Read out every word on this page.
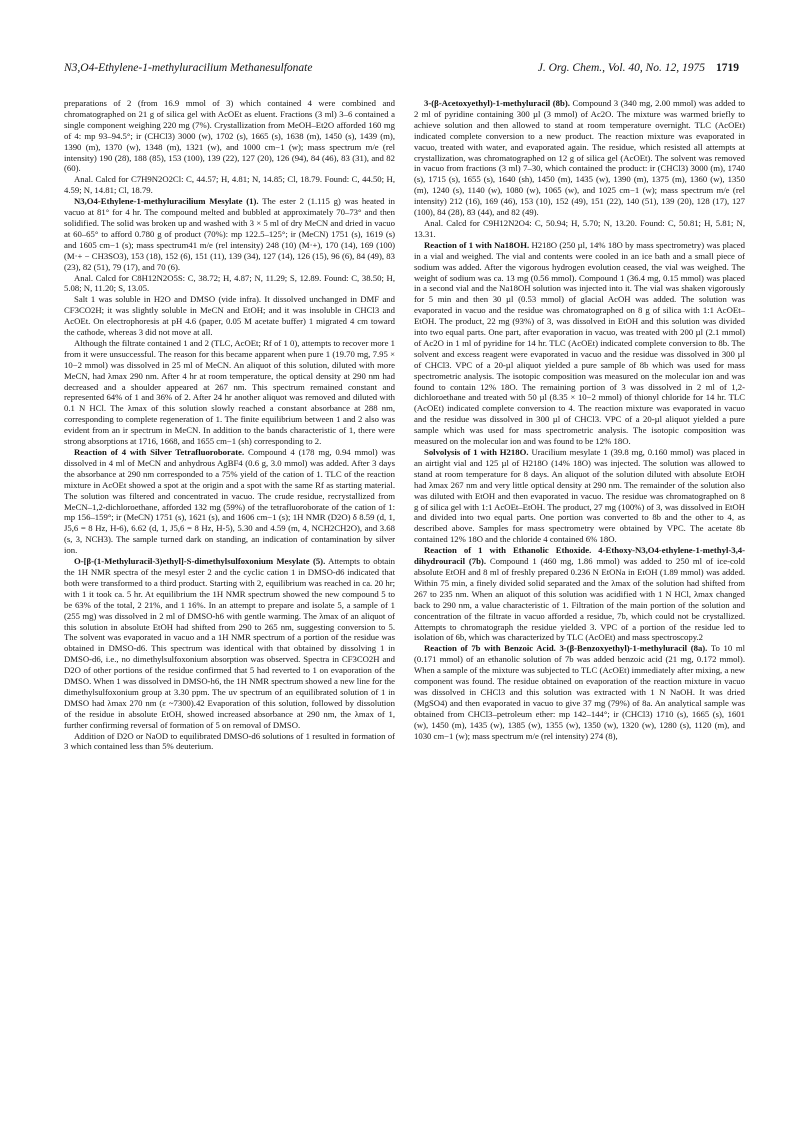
N3,O4-Ethylene-1-methyluracilium Methanesulfonate	J. Org. Chem., Vol. 40, No. 12, 1975 1719

preparations of 2 (from 16.9 mmol of 3) which contained 4 were combined and chromatographed on 21 g of silica gel with AcOEt as eluent. Fractions (3 ml) 3–6 contained a single component weighing 220 mg (7%). Crystallization from MeOH–Et2O afforded 160 mg of 4: mp 93–94.5°; ir (CHCl3) 3000 (w), 1702 (s), 1665 (s), 1638 (m), 1450 (s), 1439 (m), 1390 (m), 1370 (w), 1348 (m), 1321 (w), and 1000 cm−1 (w); mass spectrum m/e (rel intensity) 190 (28), 188 (85), 153 (100), 139 (22), 127 (20), 126 (94), 84 (46), 83 (31), and 82 (60).

Anal. Calcd for C7H9N2O2Cl: C, 44.57; H, 4.81; N, 14.85; Cl, 18.79. Found: C, 44.50; H, 4.59; N, 14.81; Cl, 18.79.

N3,O4-Ethylene-1-methyluracilium Mesylate (1). The ester 2 (1.115 g) was heated in vacuo at 81° for 4 hr. The compound melted and bubbled at approximately 70–73° and then solidified. The solid was broken up and washed with 3 × 5 ml of dry MeCN and dried in vacuo at 60–65° to afford 0.780 g of product (70%): mp 122.5–125°; ir (MeCN) 1751 (s), 1619 (s) and 1605 cm−1 (s); mass spectrum41 m/e (rel intensity) 248 (10) (M·+), 170 (14), 169 (100) (M·+ − CH3SO3), 153 (18), 152 (6), 151 (11), 139 (34), 127 (14), 126 (15), 96 (6), 84 (49), 83 (23), 82 (51), 79 (17), and 70 (6).

Anal. Calcd for C8H12N2O5S: C, 38.72; H, 4.87; N, 11.29; S, 12.89. Found: C, 38.50; H, 5.08; N, 11.20; S, 13.05.

Salt 1 was soluble in H2O and DMSO (vide infra). It dissolved unchanged in DMF and CF3CO2H; it was slightly soluble in MeCN and EtOH; and it was insoluble in CHCl3 and AcOEt. On electrophoresis at pH 4.6 (paper, 0.05 M acetate buffer) 1 migrated 4 cm toward the cathode, whereas 3 did not move at all.

Although the filtrate contained 1 and 2 (TLC, AcOEt; Rf of 1 0), attempts to recover more 1 from it were unsuccessful. The reason for this became apparent when pure 1 (19.70 mg, 7.95 × 10−2 mmol) was dissolved in 25 ml of MeCN. An aliquot of this solution, diluted with more MeCN, had λmax 290 nm. After 4 hr at room temperature, the optical density at 290 nm had decreased and a shoulder appeared at 267 nm. This spectrum remained constant and represented 64% of 1 and 36% of 2. After 24 hr another aliquot was removed and diluted with 0.1 N HCl. The λmax of this solution slowly reached a constant absorbance at 288 nm, corresponding to complete regeneration of 1. The finite equilibrium between 1 and 2 also was evident from an ir spectrum in MeCN. In addition to the bands characteristic of 1, there were strong absorptions at 1716, 1668, and 1655 cm−1 (sh) corresponding to 2.

Reaction of 4 with Silver Tetrafluoroborate. Compound 4 (178 mg, 0.94 mmol) was dissolved in 4 ml of MeCN and anhydrous AgBF4 (0.6 g, 3.0 mmol) was added. After 3 days the absorbance at 290 nm corresponded to a 75% yield of the cation of 1. TLC of the reaction mixture in AcOEt showed a spot at the origin and a spot with the same Rf as starting material. The solution was filtered and concentrated in vacuo. The crude residue, recrystallized from MeCN–1,2-dichloroethane, afforded 132 mg (59%) of the tetrafluoroborate of the cation of 1: mp 156–159°; ir (MeCN) 1751 (s), 1621 (s), and 1606 cm−1 (s); 1H NMR (D2O) δ 8.59 (d, 1, J5,6 = 8 Hz, H-6), 6.62 (d, 1, J5,6 = 8 Hz, H-5), 5.30 and 4.59 (m, 4, NCH2CH2O), and 3.68 (s, 3, NCH3). The sample turned dark on standing, an indication of contamination by silver ion.

O-[β-(1-Methyluracil-3)ethyl]-S-dimethylsulfoxonium Mesylate (5). Attempts to obtain the 1H NMR spectra of the mesyl ester 2 and the cyclic cation 1 in DMSO-d6 indicated that both were transformed to a third product. Starting with 2, equilibrium was reached in ca. 20 hr; with 1 it took ca. 5 hr. At equilibrium the 1H NMR spectrum showed the new compound 5 to be 63% of the total, 2 21%, and 1 16%. In an attempt to prepare and isolate 5, a sample of 1 (255 mg) was dissolved in 2 ml of DMSO-h6 with gentle warming. The λmax of an aliquot of this solution in absolute EtOH had shifted from 290 to 265 nm, suggesting conversion to 5. The solvent was evaporated in vacuo and a 1H NMR spectrum of a portion of the residue was obtained in DMSO-d6. This spectrum was identical with that obtained by dissolving 1 in DMSO-d6, i.e., no dimethylsulfoxonium absorption was observed. Spectra in CF3CO2H and D2O of other portions of the residue confirmed that 5 had reverted to 1 on evaporation of the DMSO. When 1 was dissolved in DMSO-h6, the 1H NMR spectrum showed a new line for the dimethylsulfoxonium group at 3.30 ppm. The uv spectrum of an equilibrated solution of 1 in DMSO had λmax 270 nm (ε ~7300).42 Evaporation of this solution, followed by dissolution of the residue in absolute EtOH, showed increased absorbance at 290 nm, the λmax of 1, further confirming reversal of formation of 5 on removal of DMSO.

Addition of D2O or NaOD to equilibrated DMSO-d6 solutions of 1 resulted in formation of 3 which contained less than 5% deuterium.

3-(β-Acetoxyethyl)-1-methyluracil (8b). Compound 3 (340 mg, 2.00 mmol) was added to 2 ml of pyridine containing 300 µl (3 mmol) of Ac2O. The mixture was warmed briefly to achieve solution and then allowed to stand at room temperature overnight. TLC (AcOEt) indicated complete conversion to a new product. The reaction mixture was evaporated in vacuo, treated with water, and evaporated again. The residue, which resisted all attempts at crystallization, was chromatographed on 12 g of silica gel (AcOEt). The solvent was removed in vacuo from fractions (3 ml) 7–30, which contained the product: ir (CHCl3) 3000 (m), 1740 (s), 1715 (s), 1655 (s), 1640 (sh), 1450 (m), 1435 (w), 1390 (m), 1375 (m), 1360 (w), 1350 (m), 1240 (s), 1140 (w), 1080 (w), 1065 (w), and 1025 cm−1 (w); mass spectrum m/e (rel intensity) 212 (16), 169 (46), 153 (10), 152 (49), 151 (22), 140 (51), 139 (20), 128 (17), 127 (100), 84 (28), 83 (44), and 82 (49).

Anal. Calcd for C9H12N2O4: C, 50.94; H, 5.70; N, 13.20. Found: C, 50.81; H, 5.81; N, 13.31.

Reaction of 1 with Na18OH. H218O (250 µl, 14% 18O by mass spectrometry) was placed in a vial and weighed. The vial and contents were cooled in an ice bath and a small piece of sodium was added. After the vigorous hydrogen evolution ceased, the vial was weighed. The weight of sodium was ca. 13 mg (0.56 mmol). Compound 1 (36.4 mg, 0.15 mmol) was placed in a second vial and the Na18OH solution was injected into it. The vial was shaken vigorously for 5 min and then 30 µl (0.53 mmol) of glacial AcOH was added. The solution was evaporated in vacuo and the residue was chromatographed on 8 g of silica with 1:1 AcOEt–EtOH. The product, 22 mg (93%) of 3, was dissolved in EtOH and this solution was divided into two equal parts. One part, after evaporation in vacuo, was treated with 200 µl (2.1 mmol) of Ac2O in 1 ml of pyridine for 14 hr. TLC (AcOEt) indicated complete conversion to 8b. The solvent and excess reagent were evaporated in vacuo and the residue was dissolved in 300 µl of CHCl3. VPC of a 20-µl aliquot yielded a pure sample of 8b which was used for mass spectrometric analysis. The isotopic composition was measured on the molecular ion and was found to contain 12% 18O. The remaining portion of 3 was dissolved in 2 ml of 1,2-dichloroethane and treated with 50 µl (8.35 × 10−2 mmol) of thionyl chloride for 14 hr. TLC (AcOEt) indicated complete conversion to 4. The reaction mixture was evaporated in vacuo and the residue was dissolved in 300 µl of CHCl3. VPC of a 20-µl aliquot yielded a pure sample which was used for mass spectrometric analysis. The isotopic composition was measured on the molecular ion and was found to be 12% 18O.

Solvolysis of 1 with H218O. Uracilium mesylate 1 (39.8 mg, 0.160 mmol) was placed in an airtight vial and 125 µl of H218O (14% 18O) was injected. The solution was allowed to stand at room temperature for 8 days. An aliquot of the solution diluted with absolute EtOH had λmax 267 nm and very little optical density at 290 nm. The remainder of the solution also was diluted with EtOH and then evaporated in vacuo. The residue was chromatographed on 8 g of silica gel with 1:1 AcOEt–EtOH. The product, 27 mg (100%) of 3, was dissolved in EtOH and divided into two equal parts. One portion was converted to 8b and the other to 4, as described above. Samples for mass spectrometry were obtained by VPC. The acetate 8b contained 12% 18O and the chloride 4 contained 6% 18O.

Reaction of 1 with Ethanolic Ethoxide. 4-Ethoxy-N3,O4-ethylene-1-methyl-3,4-dihydrouracil (7b). Compound 1 (460 mg, 1.86 mmol) was added to 250 ml of ice-cold absolute EtOH and 8 ml of freshly prepared 0.236 N EtONa in EtOH (1.89 mmol) was added. Within 75 min, a finely divided solid separated and the λmax of the solution had shifted from 267 to 235 nm. When an aliquot of this solution was acidified with 1 N HCl, λmax changed back to 290 nm, a value characteristic of 1. Filtration of the main portion of the solution and concentration of the filtrate in vacuo afforded a residue, 7b, which could not be crystallized. Attempts to chromatograph the residue yielded 3. VPC of a portion of the residue led to isolation of 6b, which was characterized by TLC (AcOEt) and mass spectroscopy.2

Reaction of 7b with Benzoic Acid. 3-(β-Benzoxyethyl)-1-methyluracil (8a). To 10 ml (0.171 mmol) of an ethanolic solution of 7b was added benzoic acid (21 mg, 0.172 mmol). When a sample of the mixture was subjected to TLC (AcOEt) immediately after mixing, a new component was found. The residue obtained on evaporation of the reaction mixture in vacuo was dissolved in CHCl3 and this solution was extracted with 1 N NaOH. It was dried (MgSO4) and then evaporated in vacuo to give 37 mg (79%) of 8a. An analytical sample was obtained from CHCl3–petroleum ether: mp 142–144°; ir (CHCl3) 1710 (s), 1665 (s), 1601 (w), 1450 (m), 1435 (w), 1385 (w), 1355 (w), 1350 (w), 1320 (w), 1280 (s), 1120 (m), and 1030 cm−1 (w); mass spectrum m/e (rel intensity) 274 (8),
